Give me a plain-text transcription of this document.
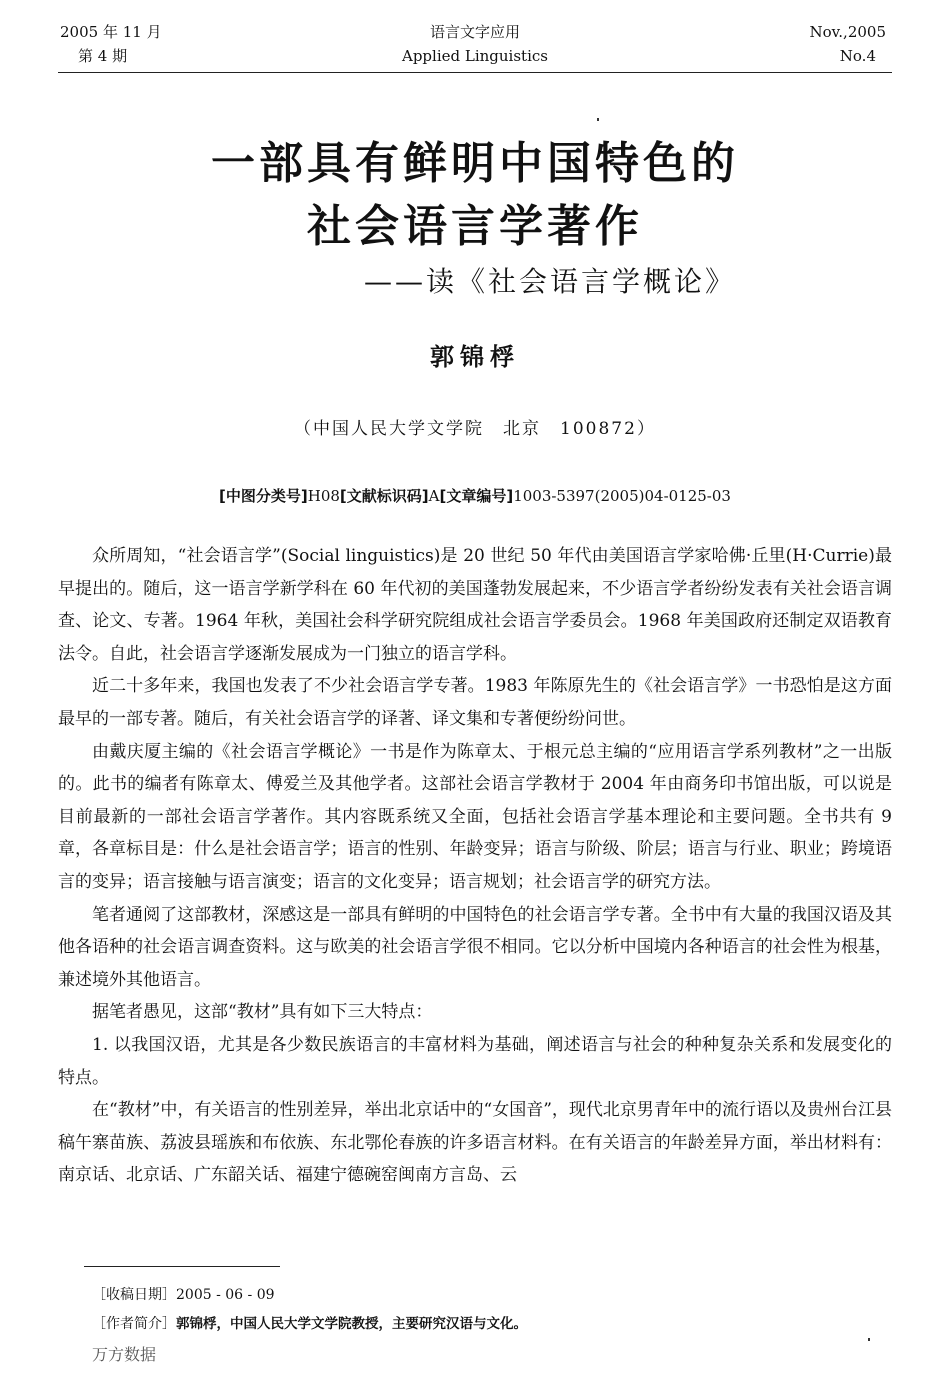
2005 年 11 月
第 4 期
语言文字应用
Applied Linguistics
Nov.,2005
No.4
一部具有鲜明中国特色的
社会语言学著作
——读《社会语言学概论》
郭锦桴
（中国人民大学文学院　北京　100872）
[中图分类号]H08[文献标识码]A[文章编号]1003-5397(2005)04-0125-03

众所周知，“社会语言学”(Social linguistics)是 20 世纪 50 年代由美国语言学家哈佛·丘里(H·Currie)最早提出的。随后，这一语言学新学科在 60 年代初的美国蓬勃发展起来，不少语言学者纷纷发表有关社会语言调查、论文、专著。1964 年秋，美国社会科学研究院组成社会语言学委员会。1968 年美国政府还制定双语教育法令。自此，社会语言学逐渐发展成为一门独立的语言学科。

近二十多年来，我国也发表了不少社会语言学专著。1983 年陈原先生的《社会语言学》一书恐怕是这方面最早的一部专著。随后，有关社会语言学的译著、译文集和专著便纷纷问世。

由戴庆厦主编的《社会语言学概论》一书是作为陈章太、于根元总主编的“应用语言学系列教材”之一出版的。此书的编者有陈章太、傅爱兰及其他学者。这部社会语言学教材于 2004 年由商务印书馆出版，可以说是目前最新的一部社会语言学著作。其内容既系统又全面，包括社会语言学基本理论和主要问题。全书共有 9 章，各章标目是：什么是社会语言学；语言的性别、年龄变异；语言与阶级、阶层；语言与行业、职业；跨境语言的变异；语言接触与语言演变；语言的文化变异；语言规划；社会语言学的研究方法。

笔者通阅了这部教材，深感这是一部具有鲜明的中国特色的社会语言学专著。全书中有大量的我国汉语及其他各语种的社会语言调查资料。这与欧美的社会语言学很不相同。它以分析中国境内各种语言的社会性为根基，兼述境外其他语言。

据笔者愚见，这部“教材”具有如下三大特点：

1. 以我国汉语，尤其是各少数民族语言的丰富材料为基础，阐述语言与社会的种种复杂关系和发展变化的特点。

在“教材”中，有关语言的性别差异，举出北京话中的“女国音”，现代北京男青年中的流行语以及贵州台江县稿午寨苗族、荔波县瑶族和布依族、东北鄂伦春族的许多语言材料。在有关语言的年龄差异方面，举出材料有：南京话、北京话、广东韶关话、福建宁德碗窑闽南方言岛、云

［收稿日期］2005 - 06 - 09
［作者简介］郭锦桴，中国人民大学文学院教授，主要研究汉语与文化。
万方数据
